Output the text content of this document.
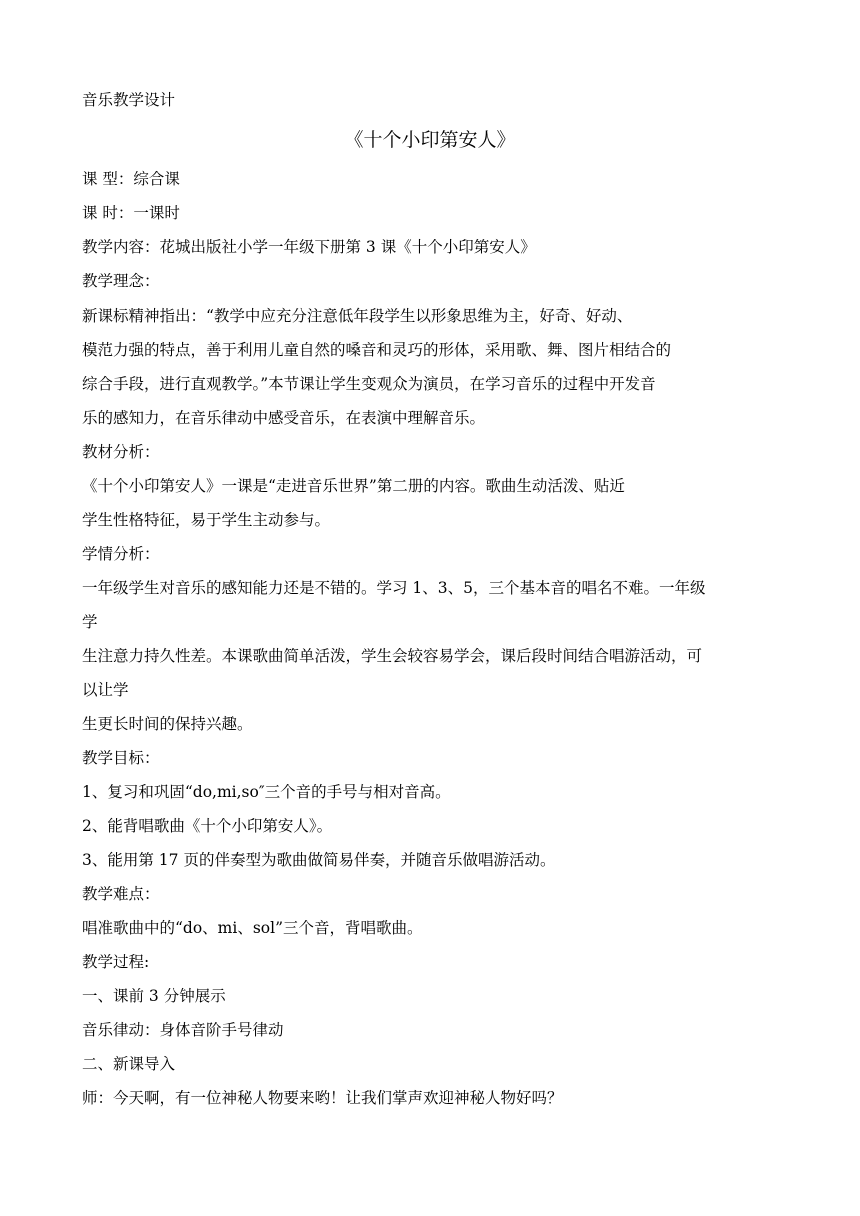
音乐教学设计
《十个小印第安人》
课 型：综合课
课 时：一课时
教学内容：花城出版社小学一年级下册第 3 课《十个小印第安人》
教学理念：
新课标精神指出：“教学中应充分注意低年段学生以形象思维为主，好奇、好动、
模范力强的特点，善于利用儿童自然的嗓音和灵巧的形体，采用歌、舞、图片相结合的
综合手段，进行直观教学。”本节课让学生变观众为演员，在学习音乐的过程中开发音
乐的感知力，在音乐律动中感受音乐，在表演中理解音乐。
教材分析：
《十个小印第安人》一课是“走进音乐世界”第二册的内容。歌曲生动活泼、贴近
学生性格特征，易于学生主动参与。
学情分析：
一年级学生对音乐的感知能力还是不错的。学习 1、3、5，三个基本音的唱名不难。一年级
学
生注意力持久性差。本课歌曲简单活泼，学生会较容易学会，课后段时间结合唱游活动，可
以让学
生更长时间的保持兴趣。
教学目标：
1、复习和巩固“do,mi,so″三个音的手号与相对音高。
2、能背唱歌曲《十个小印第安人》。
3、能用第 17 页的伴奏型为歌曲做简易伴奏，并随音乐做唱游活动。
教学难点：
唱准歌曲中的“do、mi、sol”三个音，背唱歌曲。
教学过程:
一、课前 3 分钟展示
音乐律动：身体音阶手号律动
二、新课导入
师：今天啊，有一位神秘人物要来哟！让我们掌声欢迎神秘人物好吗？
